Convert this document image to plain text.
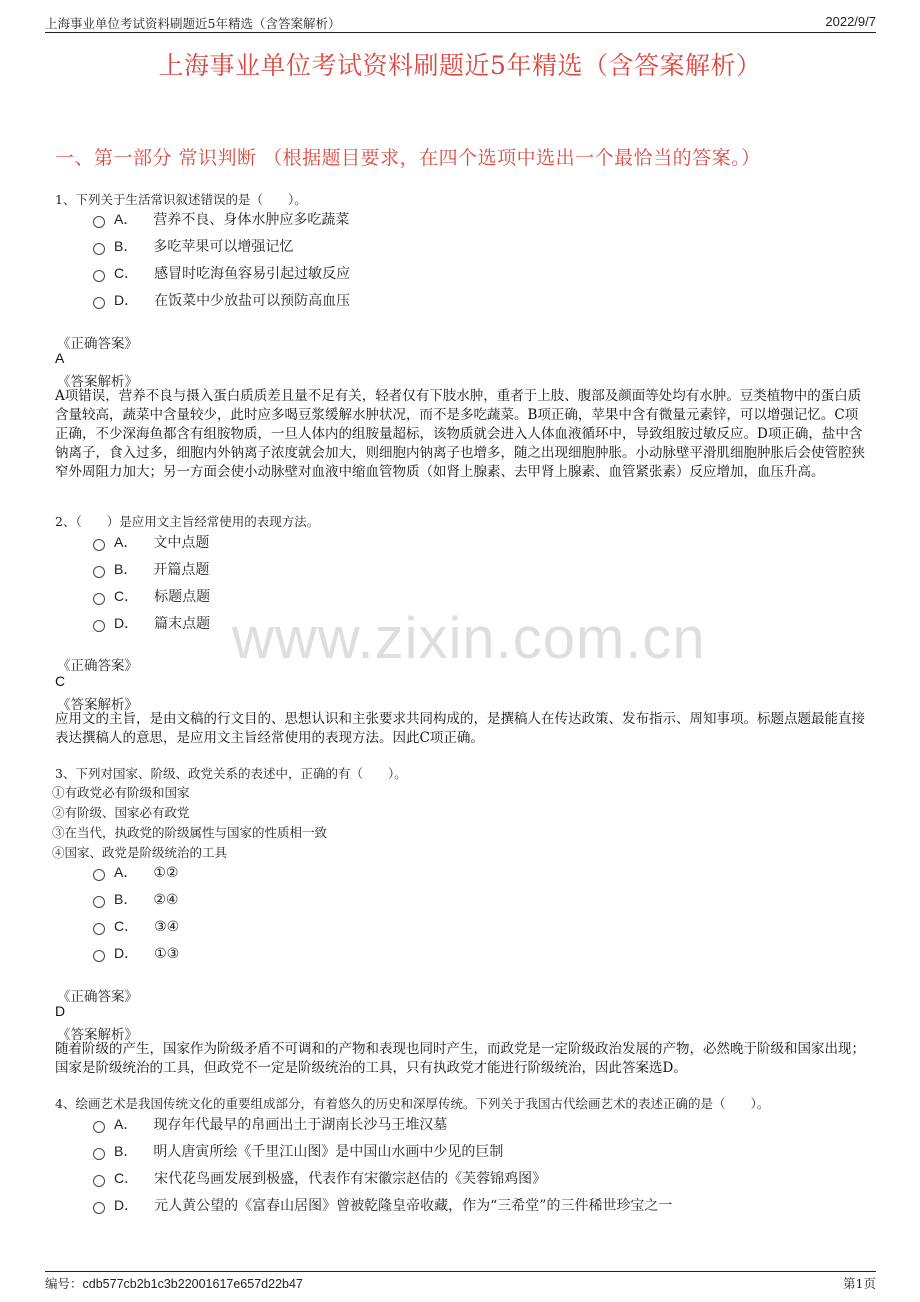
上海事业单位考试资料刷题近5年精选（含答案解析）	2022/9/7
上海事业单位考试资料刷题近5年精选（含答案解析）
一、第一部分 常识判断 （根据题目要求，在四个选项中选出一个最恰当的答案。）
www.zixin.com.cn
1、下列关于生活常识叙述错误的是（　　）。
A． 营养不良、身体水肿应多吃蔬菜
B． 多吃苹果可以增强记忆
C． 感冒时吃海鱼容易引起过敏反应
D． 在饭菜中少放盐可以预防高血压
《正确答案》
A
《答案解析》
A项错误，营养不良与摄入蛋白质质差且量不足有关，轻者仅有下肢水肿，重者于上肢、腹部及颜面等处均有水肿。豆类植物中的蛋白质含量较高，蔬菜中含量较少，此时应多喝豆浆缓解水肿状况，而不是多吃蔬菜。B项正确，苹果中含有微量元素锌，可以增强记忆。C项正确，不少深海鱼都含有组胺物质，一旦人体内的组胺量超标，该物质就会进入人体血液循环中，导致组胺过敏反应。D项正确，盐中含钠离子，食入过多，细胞内外钠离子浓度就会加大，则细胞内钠离子也增多，随之出现细胞肿胀。小动脉壁平滑肌细胞肿胀后会使管腔狭窄外周阻力加大；另一方面会使小动脉壁对血液中缩血管物质（如肾上腺素、去甲肾上腺素、血管紧张素）反应增加，血压升高。
2、（　　）是应用文主旨经常使用的表现方法。
A． 文中点题
B． 开篇点题
C． 标题点题
D． 篇末点题
《正确答案》
C
《答案解析》
应用文的主旨，是由文稿的行文目的、思想认识和主张要求共同构成的，是撰稿人在传达政策、发布指示、周知事项。标题点题最能直接表达撰稿人的意思，是应用文主旨经常使用的表现方法。因此C项正确。
3、下列对国家、阶级、政党关系的表述中，正确的有（　　）。
①有政党必有阶级和国家
②有阶级、国家必有政党
③在当代，执政党的阶级属性与国家的性质相一致
④国家、政党是阶级统治的工具
A． ①②
B． ②④
C． ③④
D． ①③
《正确答案》
D
《答案解析》
随着阶级的产生，国家作为阶级矛盾不可调和的产物和表现也同时产生，而政党是一定阶级政治发展的产物，必然晚于阶级和国家出现；国家是阶级统治的工具，但政党不一定是阶级统治的工具，只有执政党才能进行阶级统治，因此答案选D。
4、绘画艺术是我国传统文化的重要组成部分，有着悠久的历史和深厚传统。下列关于我国古代绘画艺术的表述正确的是（　　）。
A． 现存年代最早的帛画出土于湖南长沙马王堆汉墓
B． 明人唐寅所绘《千里江山图》是中国山水画中少见的巨制
C． 宋代花鸟画发展到极盛，代表作有宋徽宗赵佶的《芙蓉锦鸡图》
D． 元人黄公望的《富春山居图》曾被乾隆皇帝收藏，作为“三希堂”的三件稀世珍宝之一
编号：cdb577cb2b1c3b22001617e657d22b47	第1页
